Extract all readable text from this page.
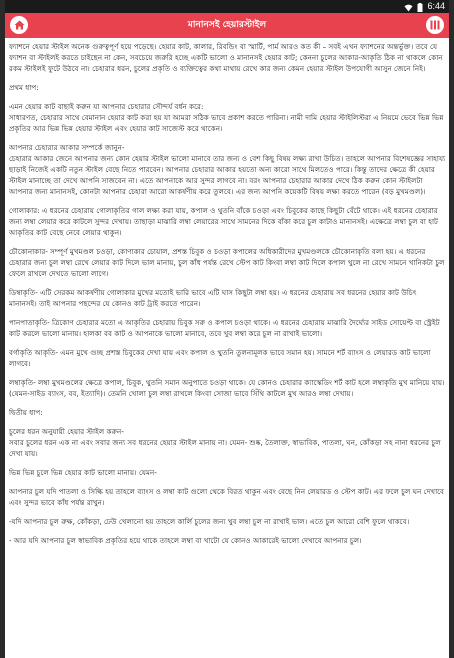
6:44
মানানসই হেয়ারস্টাইল

ফ্যাশনে হেয়ার স্টাইল অনেক গুরুত্বপূর্ণ হয়ে পড়েছে। হেয়ার কাট, কালার, রিবন্ডিং বা স্মার্টি, পার্ম আরও কত কী – সবই এখন ফ্যাশনের অন্তর্ভুক্ত। তবে যে ফ্যাশন বা স্টাইলই করতে চাইছেন না কেন, সবচেয়ে জরুরি হচ্ছে একটি ভালো ও মানানসই হেয়ার কাট; কেননা চুলের আকার-আকৃতি ঠিক না থাকলে কোন রকম স্টাইলই ফুটে উঠবে না। চেহারার ধরন, চুলের প্রকৃতি ও ব্যক্তিত্বের কথা মাথায় রেখে কার জন্য কেমন হেয়ার স্টাইল উপযোগী আসুন জেনে নিই।

প্রথম ধাপ:

এমন হেয়ার কাট বাছাই করুন যা আপনার চেহারার সৌন্দর্য বর্ধন করে:
সাধারণত, চেহারার সাথে বেমানান হেয়ার কাট করা হয় যা আমরা সঠিক ভাবে প্রকাশ করতে পারিনা। নামী দামি হেয়ার স্টাইলিস্টরা এ নিয়মে ভেবে ভিন্ন ভিন্ন প্রকৃতির আর ভিন্ন ভিন্ন হেয়ার স্টাইল এবং হেয়ার কাট সাজেস্ট করে থাকেন।

আপনার চেহারার আকার সম্পর্কে জানুন-
চেহারার আকার জেনে আপনার জন্য কোন হেয়ার স্টাইল ভালো মানাবে তার জন্য ও বেশ কিছু বিষয় লক্ষ্য রাখা উচিত। তাহলে আপনার বিশেষজ্ঞের সাহায্য ছাড়াই নিজেই একটি নতুন স্টাইল বেছে নিতে পারবেন। আপনার চেহারার আকার হয়তো অন্য কারো সাথে মিলতেও পারে। কিন্তু তাদের ক্ষেত্রে কী হেয়ার স্টাইল মানাচ্ছে তা দেখে আপনি সাজবেন না। এতে আপনাকে আর সুন্দর লাগবে না। বরং আপনার চেহারার আকার দেখে ঠিক করুন কোন স্টাইলটা আপনার জন্য মানানসই, কোনটা আপনার চেহারা আরো আকর্ষণীয় করে তুলবে। এর জন্য আপনি কয়েকটি বিষয় লক্ষ্য করতে পারেন (বড় মুখমণ্ডল)।

গোলাকার: এ ধরনের চেহারায় গোলাকৃতির গাল লক্ষ্য করা যায়, কপাল ও থুতনি বাঁকে চওড়া এবং চিবুকের কাছে কিছুটা বেঁটে থাকে। এই ধরনের চেহারার জন্য লম্বা লেয়ার করে কাটলে সুন্দর দেখায়। তাছাড়া মাঝারি লম্বা লেয়ারের সাথে সামনের দিকে বাঁকা করে চুল কাটাও মানানসই। এক্ষেত্রে লম্বা চুল বা হাট আকৃতির কাট বেছে নেবে লেয়ার থাকুন।

চৌকোনাকার- সম্পূর্ণ মুখমণ্ডল চওড়া, কোণাকার চোয়াল, প্রশস্ত চিবুক ও চওড়া কপালের অধিকারীদের মুখমণ্ডলকে চৌকোনাকৃতি বলা হয়। এ ধরনের চেহারার জন্য চুল লম্বা রেখে লেয়ার কাট দিলে ভাল মানায়, চুল কাঁধ পর্যন্ত রেখে স্টেপ কাট কিংবা লম্বা কাট দিলে কপাল খুলে না রেখে সামনে খানিকটা চুল ফেলে রাখলে দেখতে ভালো লাগে।

ডিম্বাকৃতি- এটি সেরকম আকর্ষণীয় গোলাকার মুখের মতোই ভারি ভাবে এটি ঘাস কিছুটা লম্বা হয়। এ ধরনের চেহারায় সব ধরনের হেয়ার কাট উচিৎ মানানসই। তাই আপনার পছন্দের যে কোনও কাট ট্রাই করতে পারেন।

পানপাতাকৃতি- ত্রিকোণ চেহারার মতো এ আকৃতির চেহারায় চিবুক সরু ও কপাল চওড়া থাকে। এ ধরনের চেহারায় মাঝারি দৈর্ঘ্যের সাইড সোয়েপ্ট বা স্ট্রেইট কাট করলে ভালো মানায়। হালকা বব কাট ও আপনাকে ভালো মানাবে, তবে খুব লম্বা করে চুল না রাখাই ভালো।

বর্গাকৃতি আকৃতি- এমন মুখে গুচ্ছ প্রশস্ত চিবুকের দেখা যায় এবং কপাল ও থুতনি তুলনামূলক ভাবে সমান হয়। সামনে শর্ট ব্যাংস ও লেয়ারড কাট ভালো লাগবে।

লম্বাকৃতি- লম্বা মুখমণ্ডলের ক্ষেত্রে কপাল, চিবুক, থুতনি সমান অনুপাতে চওড়া থাকে। যে কোনও চেহারার ক্যাস্কেডিং শর্ট কাট হলে লম্বাকৃতি মুখ মানিয়ে যায়। (যেমন-সাইড ব্যাংস, বব, ইত্যাদি)। তেমনি খোলা চুল লম্বা রাখলে কিংবা সোজা ভাবে সিঁথি কাটলে মুখ আরও লম্বা দেখায়।

দ্বিতীয় ধাপ:

চুলের ধরন অনুযায়ী হেয়ার স্টাইল করুন-
সবার চুলের ধরন এক না এবং সবার জন্য সব ধরনের হেয়ার স্টাইল মানায় না। যেমন- শুষ্ক, তৈলাক্ত, স্বাভাবিক, পাতলা, ঘন, কোঁকড়া সহ নানা ধরনের চুল দেখা যায়।

ভিন্ন ভিন্ন চুলে ভিন্ন হেয়ার কাট ভালো মানায়। যেমন-

আপনার চুল যদি পাতলা ও সিল্কি হয় তাহলে ব্যাংস ও লম্বা কাট গুলো থেকে বিরত থাকুন এবং বেছে নিন লেয়ারড ও স্টেপ কাট। এর ফলে চুল ঘন দেখাবে এবং সুন্দর ভাবে কাঁধ পর্যন্ত রাখুন।

-যদি আপনার চুল রুক্ষ, কোঁকড়া, ঢেউ খেলানো হয় তাহলে কার্লি চুলের জন্য খুব লম্বা চুল না রাখাই ভাল। এতে চুল আরো বেশি ফুলে থাকবে।

- আর যদি আপনার চুল স্বাভাবিক প্রকৃতির হয়ে থাকে তাহলে লম্বা বা খাটো যে কোনও আকারেই ভালো দেখাবে আপনার চুল।
